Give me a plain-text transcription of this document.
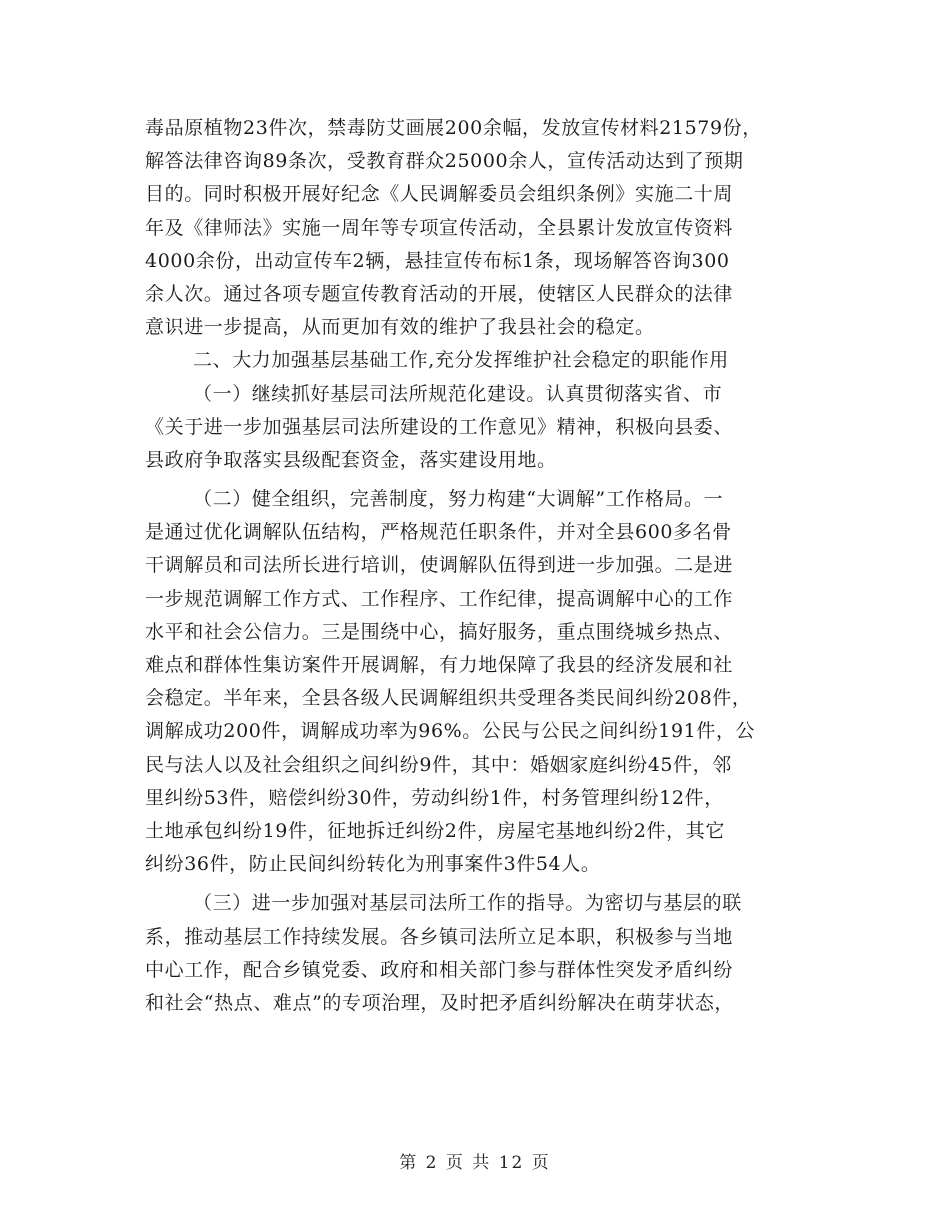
毒品原植物23件次，禁毒防艾画展200余幅，发放宣传材料21579份，
解答法律咨询89条次，受教育群众25000余人，宣传活动达到了预期
目的。同时积极开展好纪念《人民调解委员会组织条例》实施二十周
年及《律师法》实施一周年等专项宣传活动，全县累计发放宣传资料
4000余份，出动宣传车2辆，悬挂宣传布标1条，现场解答咨询300
余人次。通过各项专题宣传教育活动的开展，使辖区人民群众的法律
意识进一步提高，从而更加有效的维护了我县社会的稳定。
二、大力加强基层基础工作,充分发挥维护社会稳定的职能作用
（一）继续抓好基层司法所规范化建设。认真贯彻落实省、市
《关于进一步加强基层司法所建设的工作意见》精神，积极向县委、
县政府争取落实县级配套资金，落实建设用地。
（二）健全组织，完善制度，努力构建“大调解”工作格局。一
是通过优化调解队伍结构，严格规范任职条件，并对全县600多名骨
干调解员和司法所长进行培训，使调解队伍得到进一步加强。二是进
一步规范调解工作方式、工作程序、工作纪律，提高调解中心的工作
水平和社会公信力。三是围绕中心，搞好服务，重点围绕城乡热点、
难点和群体性集访案件开展调解，有力地保障了我县的经济发展和社
会稳定。半年来，全县各级人民调解组织共受理各类民间纠纷208件，
调解成功200件，调解成功率为96%。公民与公民之间纠纷191件，公
民与法人以及社会组织之间纠纷9件，其中：婚姻家庭纠纷45件，邻
里纠纷53件，赔偿纠纷30件，劳动纠纷1件，村务管理纠纷12件，
土地承包纠纷19件，征地拆迁纠纷2件，房屋宅基地纠纷2件，其它
纠纷36件，防止民间纠纷转化为刑事案件3件54人。
（三）进一步加强对基层司法所工作的指导。为密切与基层的联
系，推动基层工作持续发展。各乡镇司法所立足本职，积极参与当地
中心工作，配合乡镇党委、政府和相关部门参与群体性突发矛盾纠纷
和社会“热点、难点”的专项治理，及时把矛盾纠纷解决在萌芽状态，
第 2 页 共 12 页
